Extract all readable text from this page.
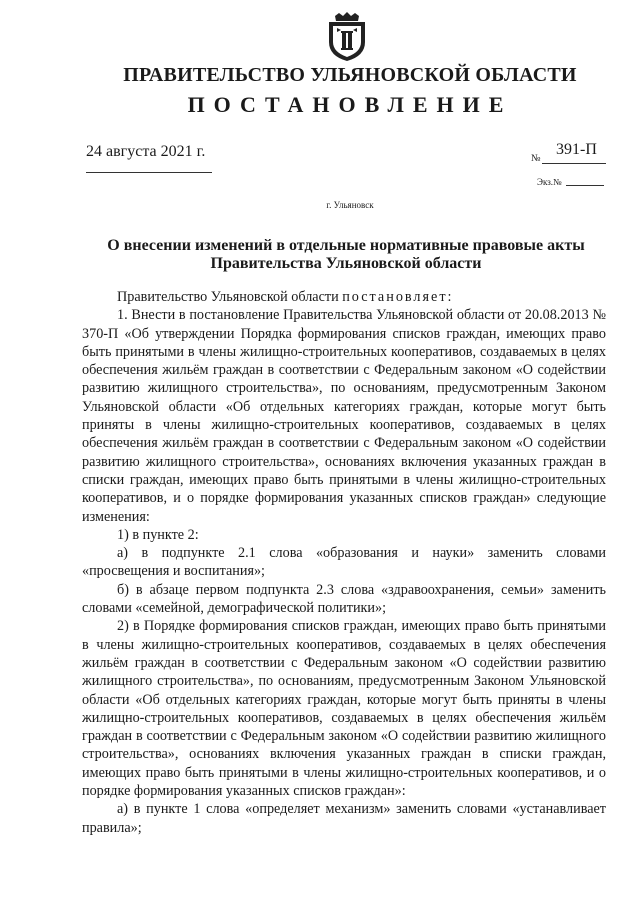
ПРАВИТЕЛЬСТВО УЛЬЯНОВСКОЙ ОБЛАСТИ
ПОСТАНОВЛЕНИЕ
24 августа 2021 г.	№
391-П
Экз.№
г. Ульяновск
О внесении изменений в отдельные нормативные правовые акты
Правительства Ульяновской области

Правительство Ульяновской области постановляет:

1. Внести в постановление Правительства Ульяновской области от 20.08.2013 № 370-П «Об утверждении Порядка формирования списков граждан, имеющих право быть принятыми в члены жилищно-строительных кооперативов, создаваемых в целях обеспечения жильём граждан в соответствии с Федеральным законом «О содействии развитию жилищного строительства», по основаниям, предусмотренным Законом Ульяновской области «Об отдельных категориях граждан, которые могут быть приняты в члены жилищно-строительных кооперативов, создаваемых в целях обеспечения жильём граждан в соответствии с Федеральным законом «О содействии развитию жилищного строительства», основаниях включения указанных граждан в списки граждан, имеющих право быть принятыми в члены жилищно-строительных кооперативов, и о порядке формирования указанных списков граждан» следующие изменения:

1) в пункте 2:

а) в подпункте 2.1 слова «образования и науки» заменить словами «просвещения и воспитания»;

б) в абзаце первом подпункта 2.3 слова «здравоохранения, семьи» заменить словами «семейной, демографической политики»;

2) в Порядке формирования списков граждан, имеющих право быть принятыми в члены жилищно-строительных кооперативов, создаваемых в целях обеспечения жильём граждан в соответствии с Федеральным законом «О содействии развитию жилищного строительства», по основаниям, предусмотренным Законом Ульяновской области «Об отдельных категориях граждан, которые могут быть приняты в члены жилищно-строительных кооперативов, создаваемых в целях обеспечения жильём граждан в соответствии с Федеральным законом «О содействии развитию жилищного строительства», основаниях включения указанных граждан в списки граждан, имеющих право быть принятыми в члены жилищно-строительных кооперативов, и о порядке формирования указанных списков граждан»:

а) в пункте 1 слова «определяет механизм» заменить словами «устанавливает правила»;
